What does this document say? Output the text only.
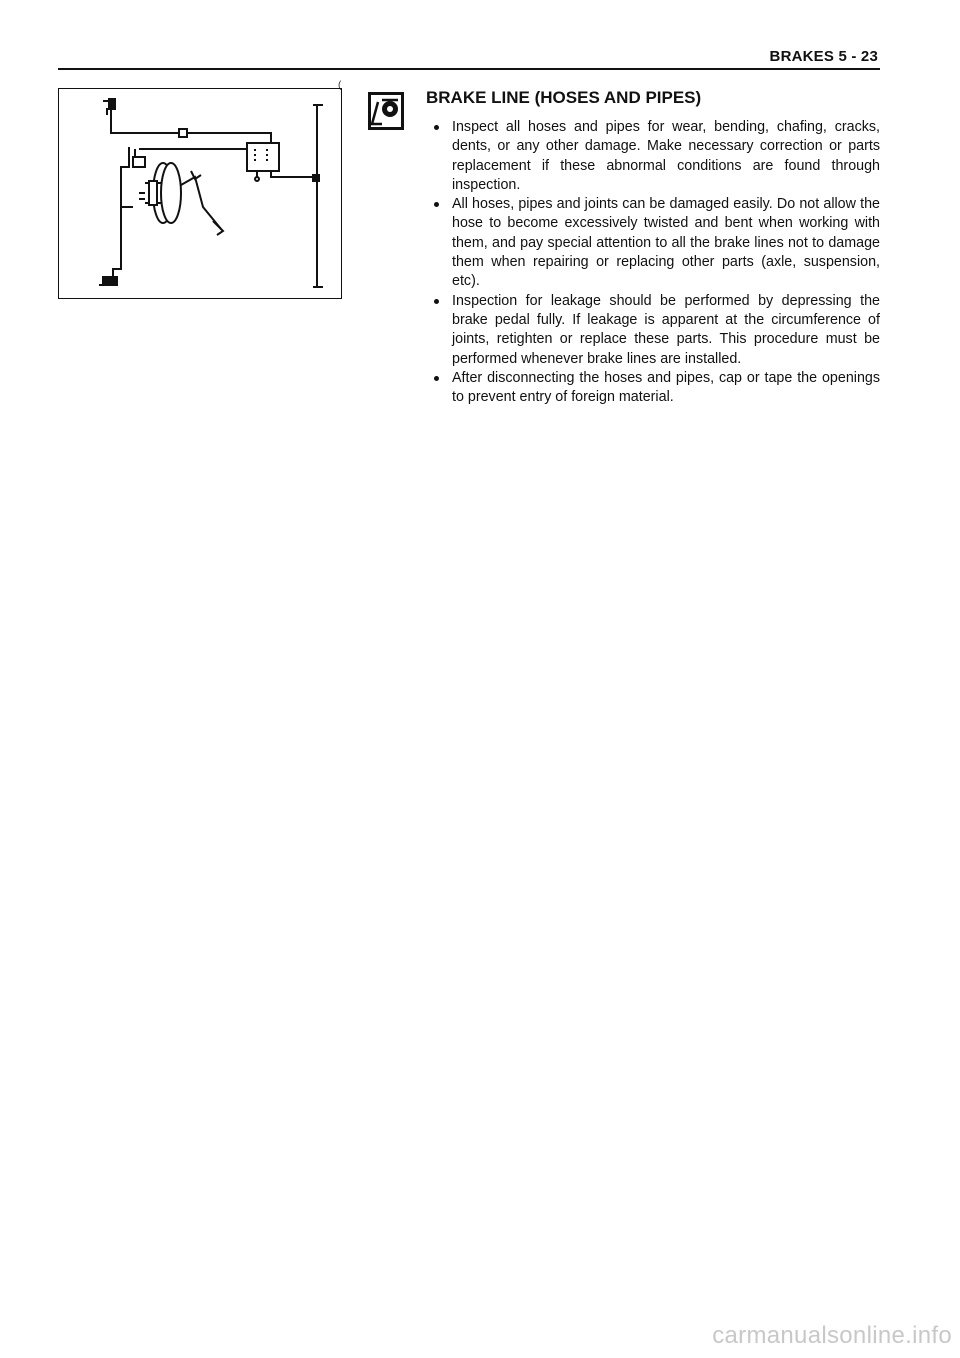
BRAKES 5 - 23
(
BRAKE LINE (HOSES AND PIPES)
Inspect all hoses and pipes for wear, bending, chafing, cracks, dents, or any other damage. Make necessary correction or parts replacement if these abnormal conditions are found through inspection.
All hoses, pipes and joints can be damaged easily. Do not allow the hose to become excessively twisted and bent when working with them, and pay special attention to all the brake lines not to damage them when repairing or replacing other parts (axle, suspension, etc).
Inspection for leakage should be performed by depressing the brake pedal fully. If leakage is apparent at the circumference of joints, retighten or replace these parts. This procedure must be performed whenever brake lines are installed.
After disconnecting the hoses and pipes, cap or tape the openings to prevent entry of foreign material.
carmanualsonline.info
